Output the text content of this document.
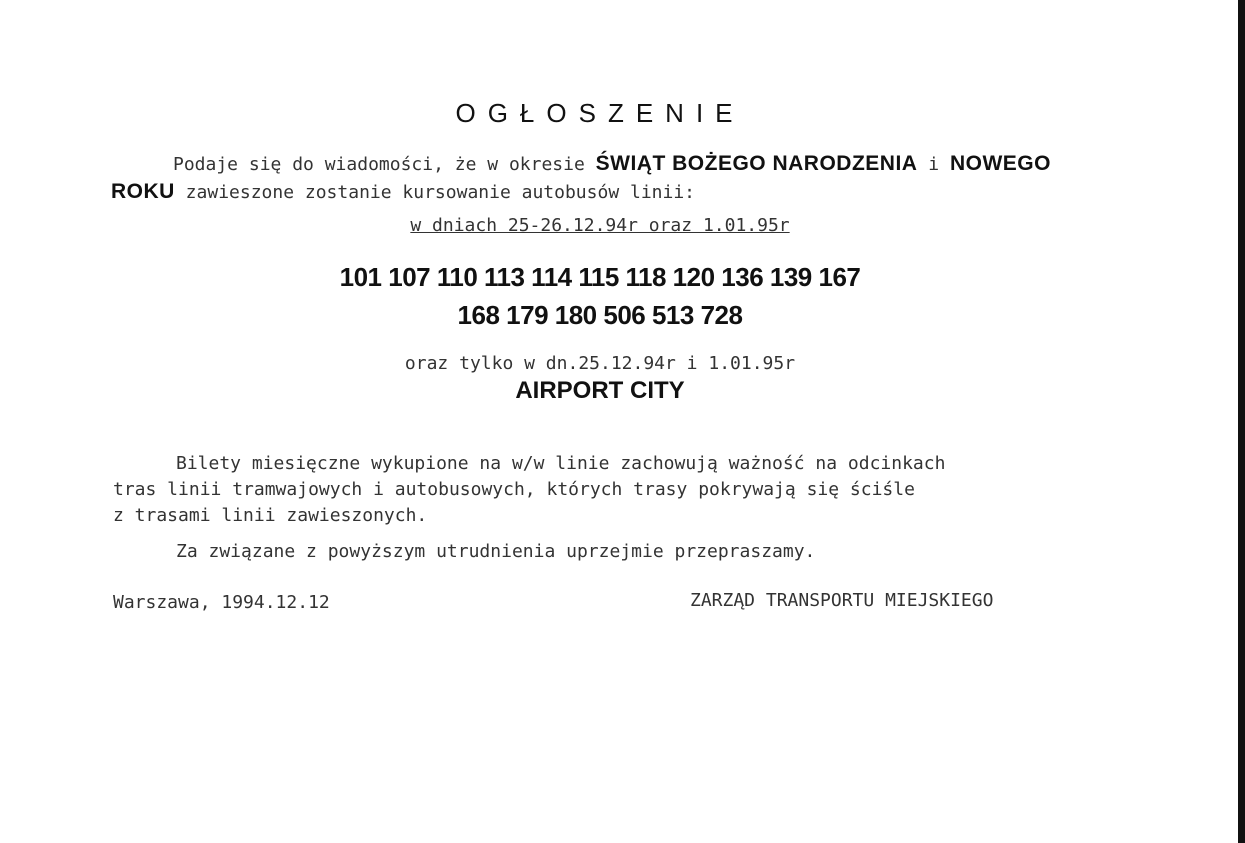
OGŁOSZENIE
Podaje się do wiadomości, że w okresie ŚWIĄT BOŻEGO NARODZENIA i NOWEGO
ROKU zawieszone zostanie kursowanie autobusów linii:
w dniach 25-26.12.94r oraz 1.01.95r
101 107 110 113 114 115 118 120 136 139 167
168 179 180 506 513 728
oraz tylko w dn.25.12.94r i 1.01.95r
AIRPORT CITY
Bilety miesięczne wykupione na w/w linie zachowują ważność na odcinkach
tras linii tramwajowych i autobusowych, których trasy pokrywają się ściśle
z trasami linii zawieszonych.
Za związane z powyższym utrudnienia uprzejmie przepraszamy.
Warszawa, 1994.12.12	ZARZĄD TRANSPORTU MIEJSKIEGO
